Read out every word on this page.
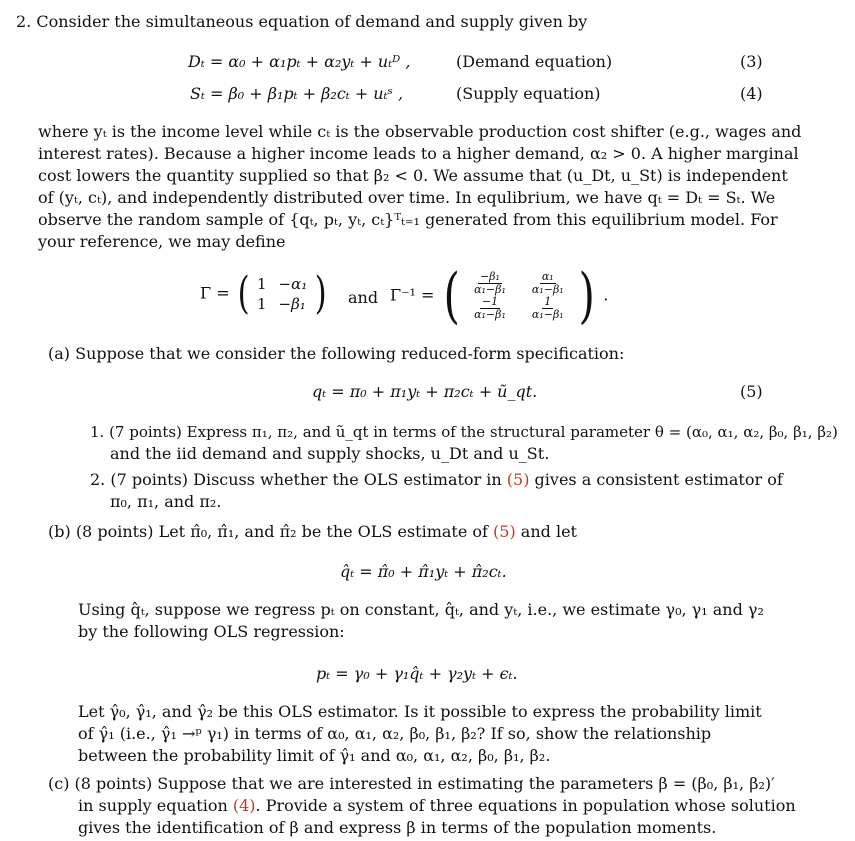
2. Consider the simultaneous equation of demand and supply given by
Dₜ = α₀ + α₁pₜ + α₂yₜ + uₜᴰ ,	(Demand equation)	(3)
Sₜ = β₀ + β₁pₜ + β₂cₜ + uₜˢ ,	(Supply equation)	(4)
where yₜ is the income level while cₜ is the observable production cost shifter (e.g., wages and
interest rates). Because a higher income leads to a higher demand, α₂ > 0. A higher marginal
cost lowers the quantity supplied so that β₂ < 0. We assume that (u_Dt, u_St) is independent
of (yₜ, cₜ), and independently distributed over time. In equlibrium, we have qₜ = Dₜ = Sₜ. We
observe the random sample of {qₜ, pₜ, yₜ, cₜ}ᵀₜ₌₁ generated from this equilibrium model. For
your reference, we may define
Γ = ( 1 −α₁
1 −β₁ ) and Γ⁻¹ = ( $\frac{\text{−β₁}}{\text{α₁−β₁}} \frac{\text{α₁}}{\text{α₁−β₁}}$
$\frac{-1}{\text{α₁−β₁}} \frac{1}{\text{α₁−β₁}}$ ) .
(a) Suppose that we consider the following reduced-form specification:
qₜ = π₀ + π₁yₜ + π₂cₜ + ũ_qt.	(5)
1. (7 points) Express π₁, π₂, and ũ_qt in terms of the structural parameter θ = (α₀, α₁, α₂, β₀, β₁, β₂)
and the iid demand and supply shocks, u_Dt and u_St.
2. (7 points) Discuss whether the OLS estimator in (5) gives a consistent estimator of
π₀, π₁, and π₂.
(b) (8 points) Let π̂₀, π̂₁, and π̂₂ be the OLS estimate of (5) and let
q̂ₜ = π̂₀ + π̂₁yₜ + π̂₂cₜ.
Using q̂ₜ, suppose we regress pₜ on constant, q̂ₜ, and yₜ, i.e., we estimate γ₀, γ₁ and γ₂
by the following OLS regression:
pₜ = γ₀ + γ₁q̂ₜ + γ₂yₜ + ϵₜ.
Let γ̂₀, γ̂₁, and γ̂₂ be this OLS estimator. Is it possible to express the probability limit
of γ̂₁ (i.e., γ̂₁ →ᵖ γ₁) in terms of α₀, α₁, α₂, β₀, β₁, β₂? If so, show the relationship
between the probability limit of γ̂₁ and α₀, α₁, α₂, β₀, β₁, β₂.
(c) (8 points) Suppose that we are interested in estimating the parameters β = (β₀, β₁, β₂)′
in supply equation (4). Provide a system of three equations in population whose solution
gives the identification of β and express β in terms of the population moments.
